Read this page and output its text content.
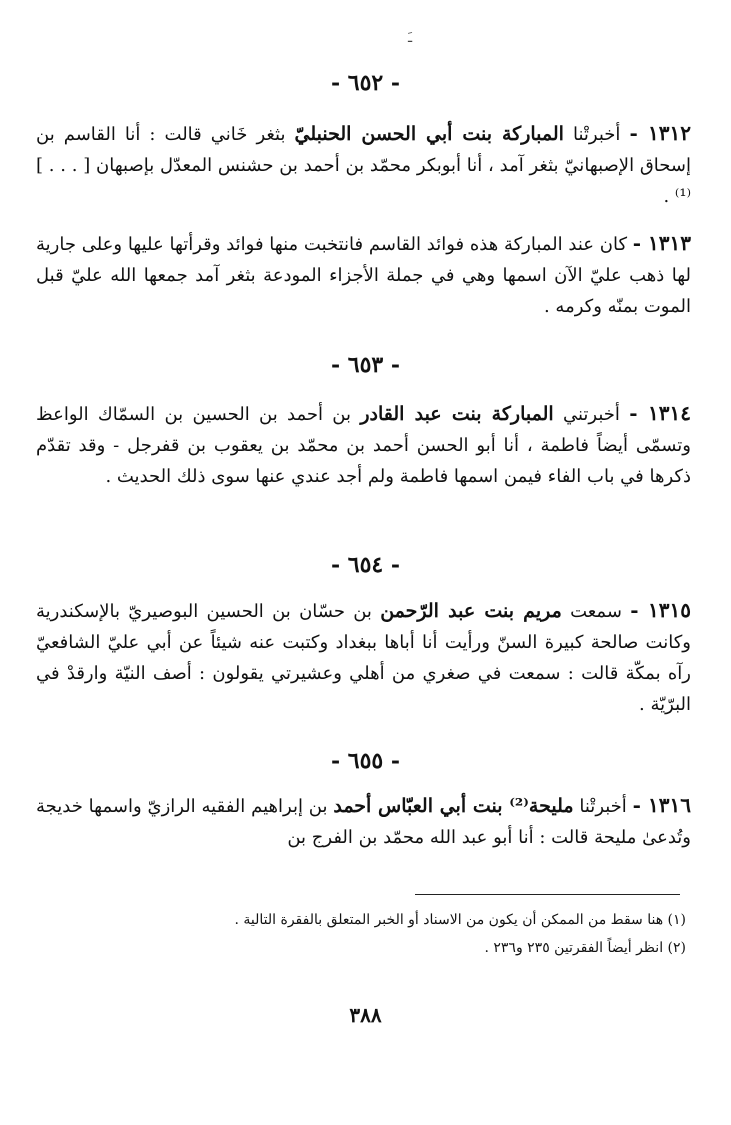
ـَ
- ٦٥٢ -
١٣١٢ - أخبرتْنا المباركة بنت أبي الحسن الحنبليّ بثغر خَاني قالت : أنا القاسم بن إسحاق الإصبهانيّ بثغر آمد ، أنا أبوبكر محمّد بن أحمد بن حشنس المعدّل بإصبهان [ . . . ]⁽¹⁾ .
١٣١٣ - كان عند المباركة هذه فوائد القاسم فانتخبت منها فوائد وقرأتها عليها وعلى جارية لها ذهب عليّ الآن اسمها وهي في جملة الأجزاء المودعة بثغر آمد جمعها الله عليّ قبل الموت بمنّه وكرمه .
- ٦٥٣ -
١٣١٤ - أخبرتني المباركة بنت عبد القادر بن أحمد بن الحسين بن السمّاك الواعظ وتسمّى أيضاً فاطمة ، أنا أبو الحسن أحمد بن محمّد بن يعقوب بن قفرجل - وقد تقدّم ذكرها في باب الفاء فيمن اسمها فاطمة ولم أجد عندي عنها سوى ذلك الحديث .
- ٦٥٤ -
١٣١٥ - سمعت مريم بنت عبد الرّحمن بن حسّان بن الحسين البوصيريّ بالإسكندرية وكانت صالحة كبيرة السنّ ورأيت أنا أباها ببغداد وكتبت عنه شيئاً عن أبي عليّ الشافعيّ رآه بمكّة قالت : سمعت في صغري من أهلي وعشيرتي يقولون : أصف النيّة وارقدْ في البرّيّة .
- ٦٥٥ -
١٣١٦ - أخبرتْنا مليحة⁽²⁾ بنت أبي العبّاس أحمد بن إبراهيم الفقيه الرازيّ واسمها خديجة وتُدعىٰ مليحة قالت : أنا أبو عبد الله محمّد بن الفرج بن
(١) هنا سقط من الممكن أن يكون من الاسناد أو الخبر المتعلق بالفقرة التالية .
(٢) انظر أيضاً الفقرتين ٢٣٥ و٢٣٦ .
٣٨٨
